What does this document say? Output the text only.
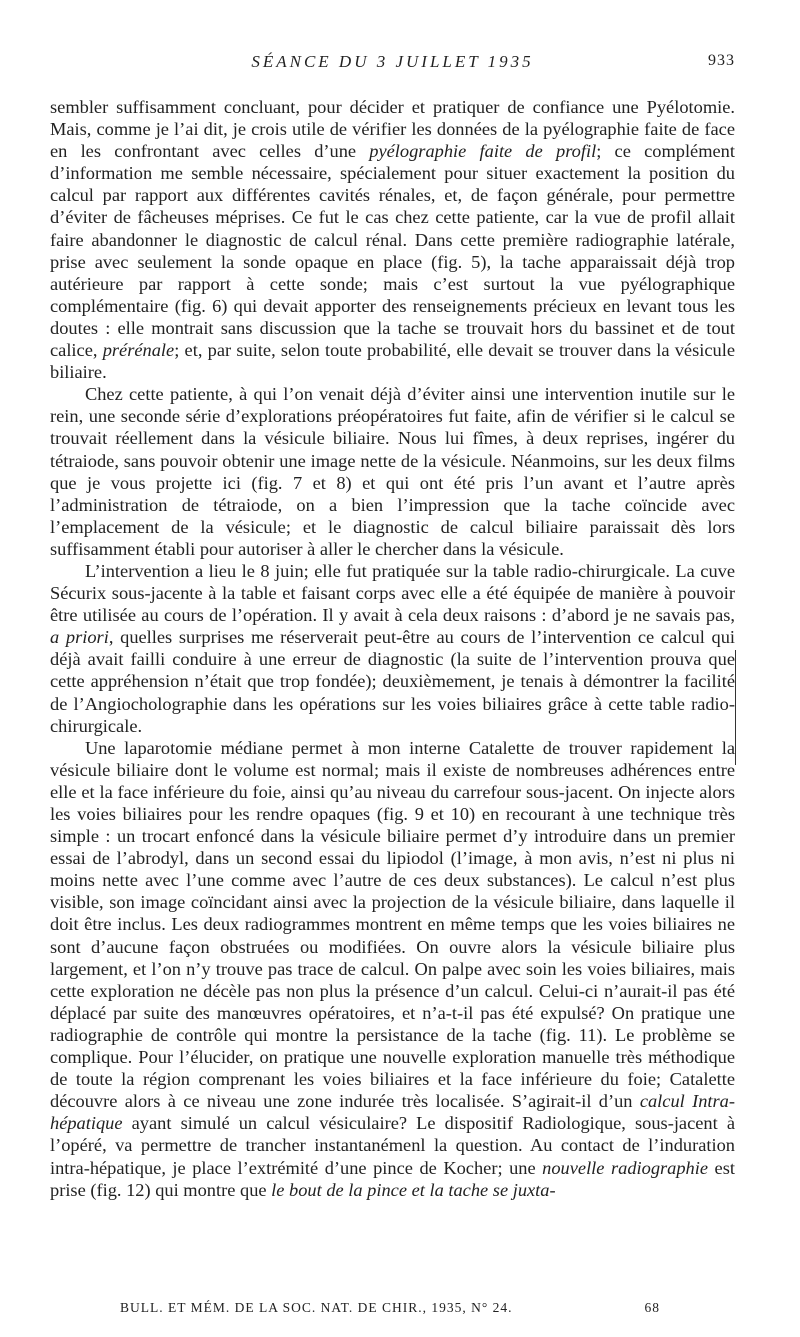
SÉANCE DU 3 JUILLET 1935	933

sembler suffisamment concluant, pour décider et pratiquer de confiance une Pyélotomie. Mais, comme je l’ai dit, je crois utile de vérifier les données de la pyélographie faite de face en les confrontant avec celles d’une pyélographie faite de profil; ce complément d’information me semble nécessaire, spécialement pour situer exactement la position du calcul par rapport aux différentes cavités rénales, et, de façon générale, pour permettre d’éviter de fâcheuses méprises. Ce fut le cas chez cette patiente, car la vue de profil allait faire abandonner le diagnostic de calcul rénal. Dans cette première radiographie latérale, prise avec seulement la sonde opaque en place (fig. 5), la tache apparaissait déjà trop autérieure par rapport à cette sonde; mais c’est surtout la vue pyélographique complémentaire (fig. 6) qui devait apporter des renseignements précieux en levant tous les doutes : elle montrait sans discussion que la tache se trouvait hors du bassinet et de tout calice, prérénale; et, par suite, selon toute probabilité, elle devait se trouver dans la vésicule biliaire.

Chez cette patiente, à qui l’on venait déjà d’éviter ainsi une intervention inutile sur le rein, une seconde série d’explorations préopératoires fut faite, afin de vérifier si le calcul se trouvait réellement dans la vésicule biliaire. Nous lui fîmes, à deux reprises, ingérer du tétraiode, sans pouvoir obtenir une image nette de la vésicule. Néanmoins, sur les deux films que je vous projette ici (fig. 7 et 8) et qui ont été pris l’un avant et l’autre après l’administration de tétraiode, on a bien l’impression que la tache coïncide avec l’emplacement de la vésicule; et le diagnostic de calcul biliaire paraissait dès lors suffisamment établi pour autoriser à aller le chercher dans la vésicule.

L’intervention a lieu le 8 juin; elle fut pratiquée sur la table radio-chirurgicale. La cuve Sécurix sous-jacente à la table et faisant corps avec elle a été équipée de manière à pouvoir être utilisée au cours de l’opération. Il y avait à cela deux raisons : d’abord je ne savais pas, a priori, quelles surprises me réserverait peut-être au cours de l’intervention ce calcul qui déjà avait failli conduire à une erreur de diagnostic (la suite de l’intervention prouva que cette appréhension n’était que trop fondée); deuxièmement, je tenais à démontrer la facilité de l’Angiocholographie dans les opérations sur les voies biliaires grâce à cette table radio-chirurgicale.

Une laparotomie médiane permet à mon interne Catalette de trouver rapidement la vésicule biliaire dont le volume est normal; mais il existe de nombreuses adhérences entre elle et la face inférieure du foie, ainsi qu’au niveau du carrefour sous-jacent. On injecte alors les voies biliaires pour les rendre opaques (fig. 9 et 10) en recourant à une technique très simple : un trocart enfoncé dans la vésicule biliaire permet d’y introduire dans un premier essai de l’abrodyl, dans un second essai du lipiodol (l’image, à mon avis, n’est ni plus ni moins nette avec l’une comme avec l’autre de ces deux substances). Le calcul n’est plus visible, son image coïncidant ainsi avec la projection de la vésicule biliaire, dans laquelle il doit être inclus. Les deux radiogrammes montrent en même temps que les voies biliaires ne sont d’aucune façon obstruées ou modifiées. On ouvre alors la vésicule biliaire plus largement, et l’on n’y trouve pas trace de calcul. On palpe avec soin les voies biliaires, mais cette exploration ne décèle pas non plus la présence d’un calcul. Celui-ci n’aurait-il pas été déplacé par suite des manœuvres opératoires, et n’a-t-il pas été expulsé? On pratique une radiographie de contrôle qui montre la persistance de la tache (fig. 11). Le problème se complique. Pour l’élucider, on pratique une nouvelle exploration manuelle très méthodique de toute la région comprenant les voies biliaires et la face inférieure du foie; Catalette découvre alors à ce niveau une zone indurée très localisée. S’agirait-il d’un calcul Intra-hépatique ayant simulé un calcul vésiculaire? Le dispositif Radiologique, sous-jacent à l’opéré, va permettre de trancher instantanémenl la question. Au contact de l’induration intra-hépatique, je place l’extrémité d’une pince de Kocher; une nouvelle radiographie est prise (fig. 12) qui montre que le bout de la pince et la tache se juxta-

BULL. ET MÉM. DE LA SOC. NAT. DE CHIR., 1935, N° 24.	68
